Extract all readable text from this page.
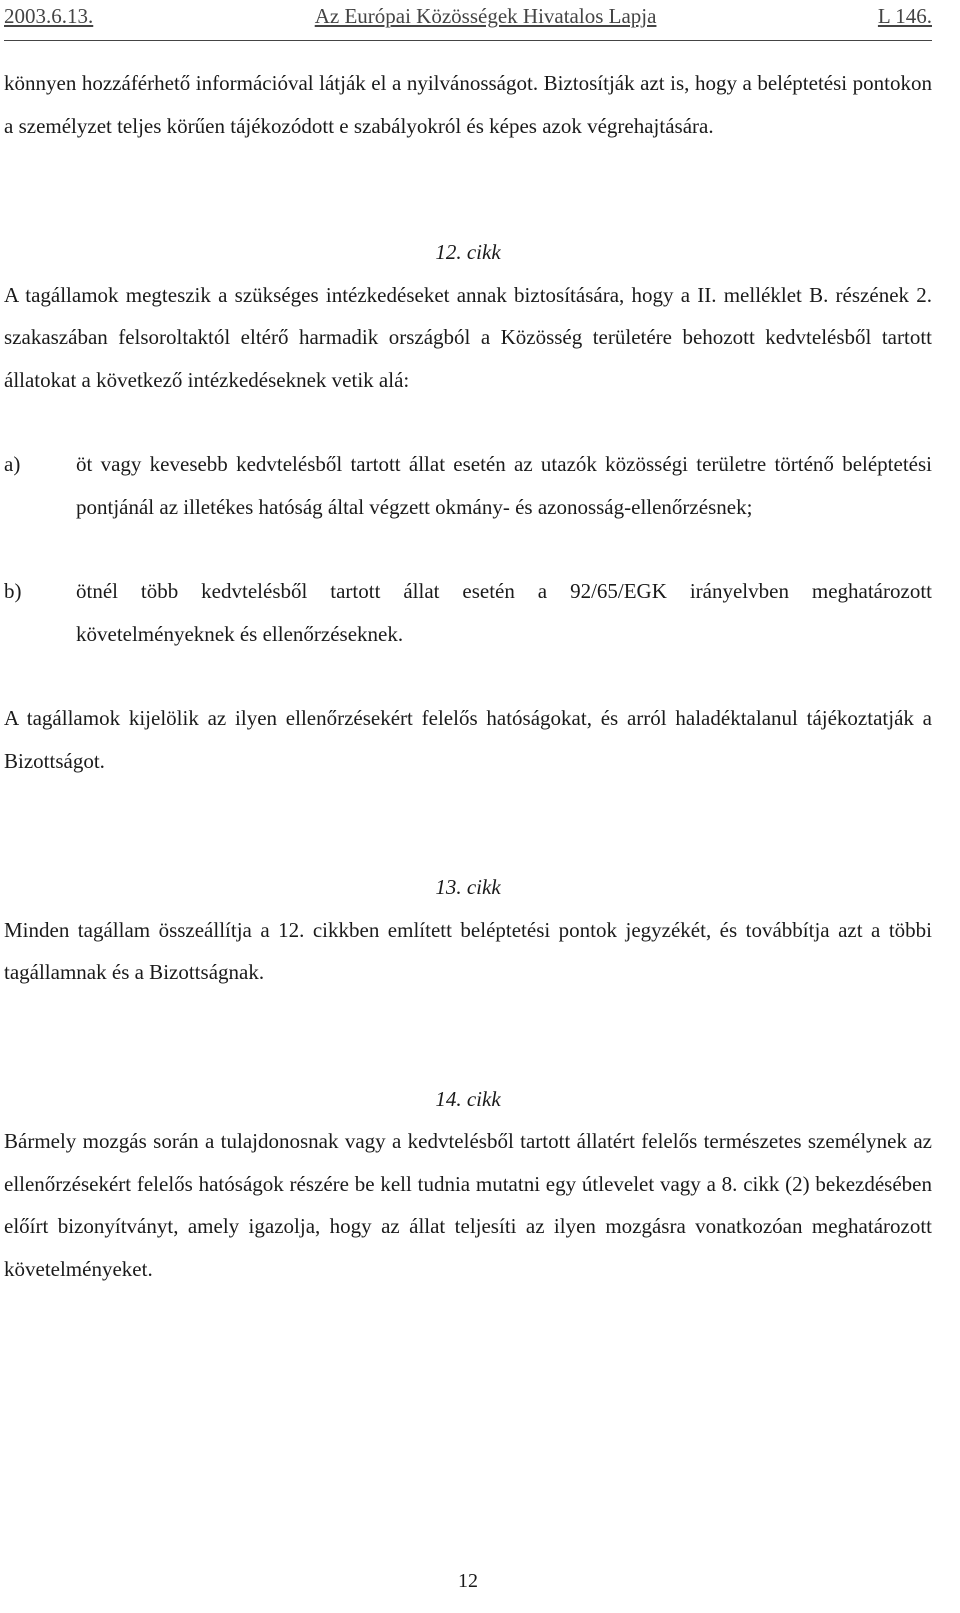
2003.6.13.	Az Európai Közösségek Hivatalos Lapja	L 146.

könnyen hozzáférhető információval látják el a nyilvánosságot. Biztosítják azt is, hogy a beléptetési pontokon a személyzet teljes körűen tájékozódott e szabályokról és képes azok végrehajtására.

12. cikk

A tagállamok megteszik a szükséges intézkedéseket annak biztosítására, hogy a II. melléklet B. részének 2. szakaszában felsoroltaktól eltérő harmadik országból a Közösség területére behozott kedvtelésből tartott állatokat a következő intézkedéseknek vetik alá:

a)	öt vagy kevesebb kedvtelésből tartott állat esetén az utazók közösségi területre történő beléptetési pontjánál az illetékes hatóság által végzett okmány- és azonosság-ellenőrzésnek;
b)	ötnél több kedvtelésből tartott állat esetén a 92/65/EGK irányelvben meghatározott követelményeknek és ellenőrzéseknek.

A tagállamok kijelölik az ilyen ellenőrzésekért felelős hatóságokat, és arról haladéktalanul tájékoztatják a Bizottságot.

13. cikk

Minden tagállam összeállítja a 12. cikkben említett beléptetési pontok jegyzékét, és továbbítja azt a többi tagállamnak és a Bizottságnak.

14. cikk

Bármely mozgás során a tulajdonosnak vagy a kedvtelésből tartott állatért felelős természetes személynek az ellenőrzésekért felelős hatóságok részére be kell tudnia mutatni egy útlevelet vagy a 8. cikk (2) bekezdésében előírt bizonyítványt, amely igazolja, hogy az állat teljesíti az ilyen mozgásra vonatkozóan meghatározott követelményeket.

12
